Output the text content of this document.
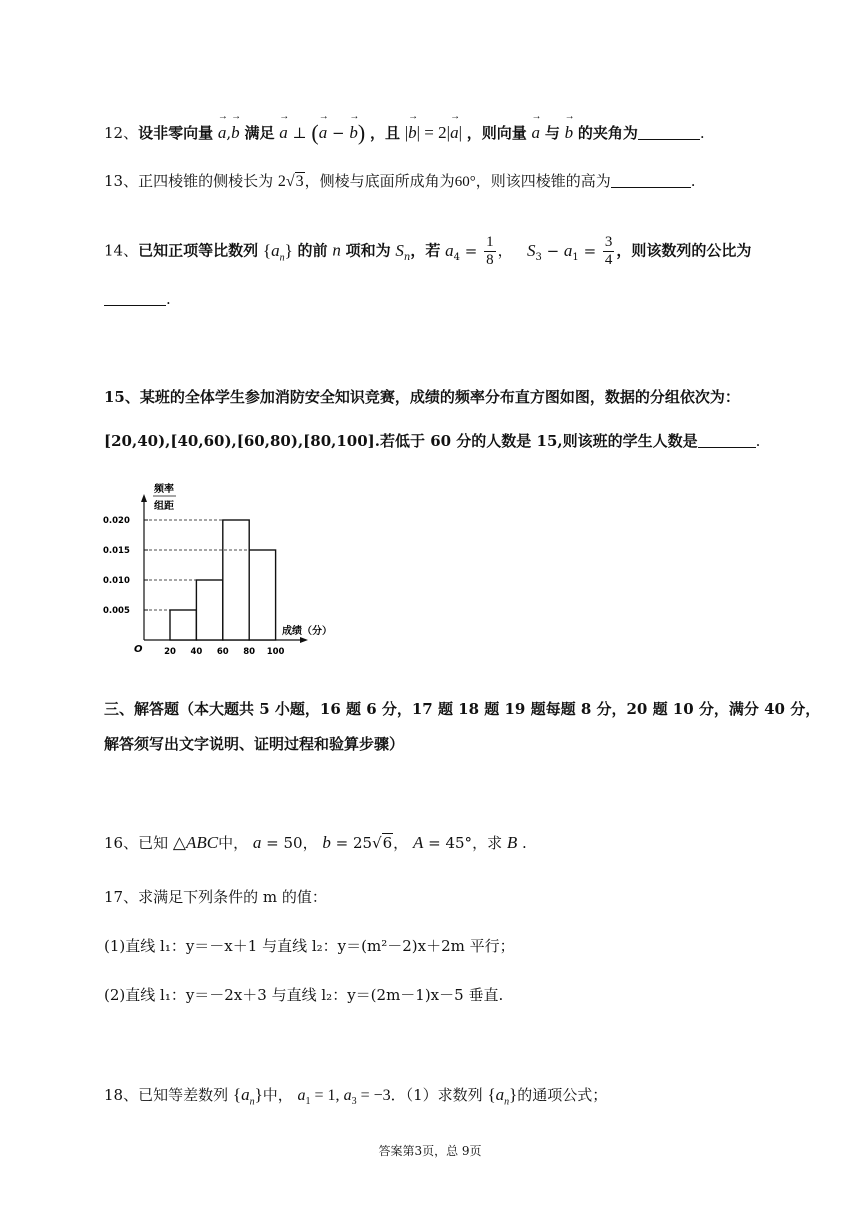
12、设非零向量 → a,→ b 满足 → a ⊥ (→ a − → b) ，且 |→ b| = 2|→ a| ，则向量 → a 与 → b 的夹角为	.
13、正四棱锥的侧棱长为 2√3，侧棱与底面所成角为60°，则该四棱锥的高为	.
14、已知正项等比数列 $\{a_n\}$ 的前 n 项和为 $S_n$，若 $a_4 = \frac{1}{8}$ ，   $S_3 - a_1 = \frac{3}{4}$ ，则该数列的公比为
.
15、某班的全体学生参加消防安全知识竞赛，成绩的频率分布直方图如图，数据的分组依次为：
[20,40),[40,60),[60,80),[80,100].若低于 60 分的人数是 15,则该班的学生人数是	.
频率
组距
O
成绩（分）
0.005
0.010
0.015
0.020
20 40 60 80 100
三、解答题（本大题共 5 小题，16 题 6 分，17 题 18 题 19 题每题 8 分，20 题 10 分，满分 40 分，
解答须写出文字说明、证明过程和验算步骤）
16、已知 △ABC中， a = 50， b = 25√6， A = 45°，求 B .
17、求满足下列条件的 m 的值：
(1)直线 l₁：y＝－x＋1 与直线 l₂：y＝(m²－2)x＋2m 平行；
(2)直线 l₁：y＝－2x＋3 与直线 l₂：y＝(2m－1)x－5 垂直.
18、已知等差数列 $\{a_n\}$中， $a_1 = 1$, $a_3 = -3$．（1）求数列 $\{a_n\}$的通项公式；
答案第3页，总 9页
